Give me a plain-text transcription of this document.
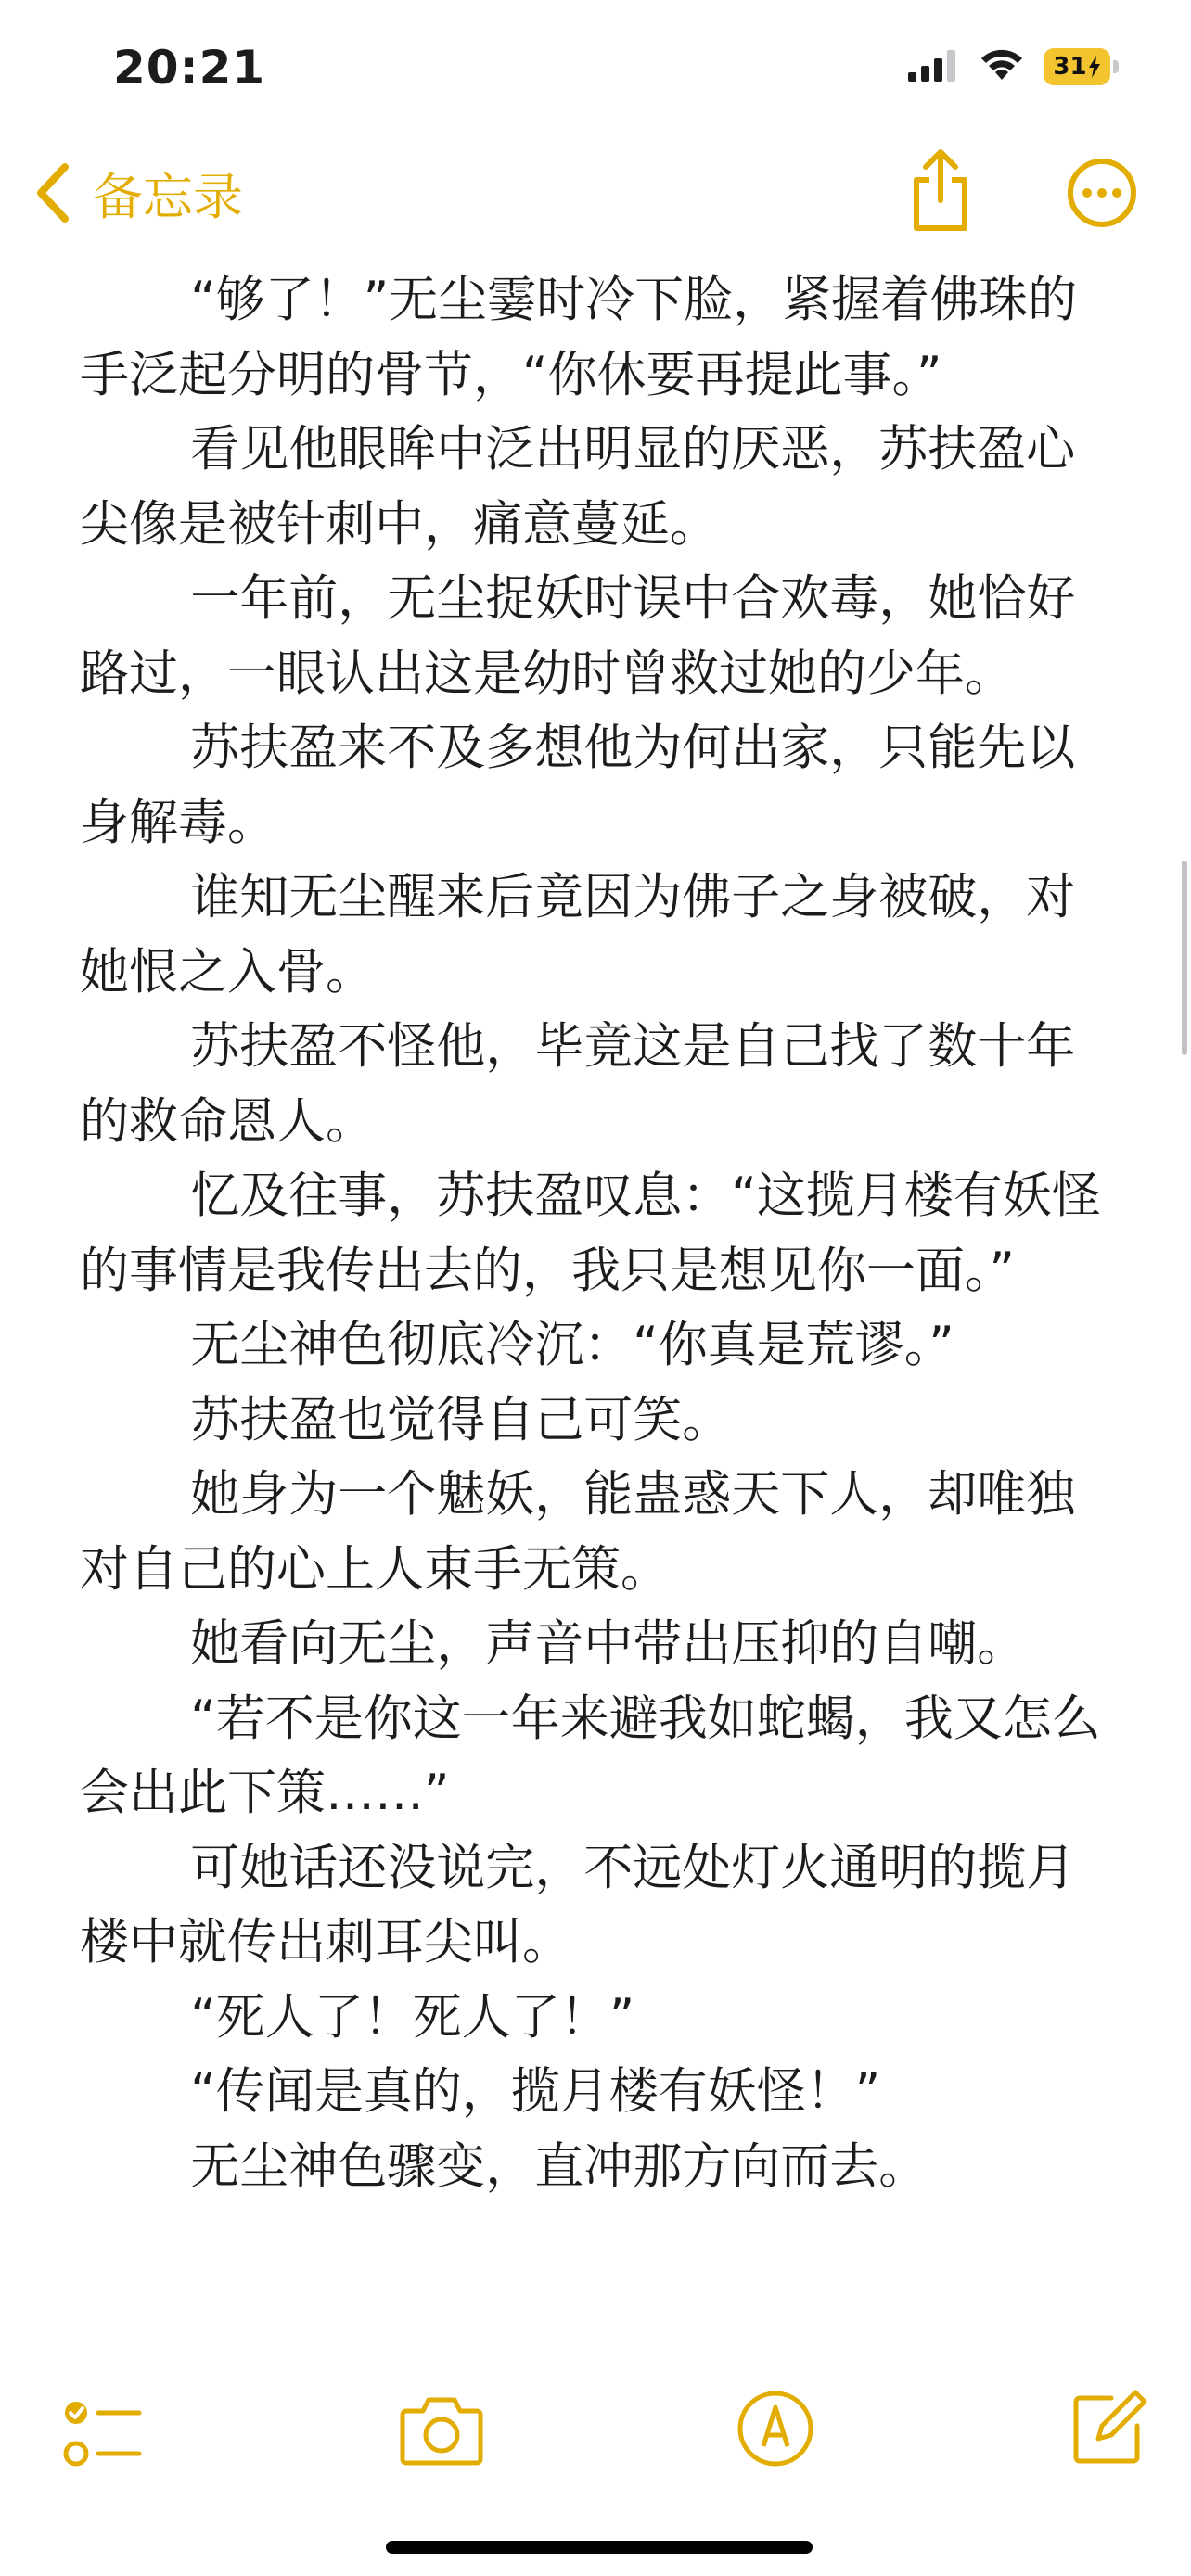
20:21	31
备忘录

“够了！”无尘霎时冷下脸，紧握着佛珠的手泛起分明的骨节，“你休要再提此事。”

看见他眼眸中泛出明显的厌恶，苏扶盈心尖像是被针刺中，痛意蔓延。

一年前，无尘捉妖时误中合欢毒，她恰好路过，一眼认出这是幼时曾救过她的少年。

苏扶盈来不及多想他为何出家，只能先以身解毒。

谁知无尘醒来后竟因为佛子之身被破，对她恨之入骨。

苏扶盈不怪他，毕竟这是自己找了数十年的救命恩人。

忆及往事，苏扶盈叹息：“这揽月楼有妖怪的事情是我传出去的，我只是想见你一面。”

无尘神色彻底冷沉：“你真是荒谬。”

苏扶盈也觉得自己可笑。

她身为一个魅妖，能蛊惑天下人，却唯独对自己的心上人束手无策。

她看向无尘，声音中带出压抑的自嘲。

“若不是你这一年来避我如蛇蝎，我又怎么会出此下策……”

可她话还没说完，不远处灯火通明的揽月楼中就传出刺耳尖叫。

“死人了！死人了！”

“传闻是真的，揽月楼有妖怪！”

无尘神色骤变，直冲那方向而去。
